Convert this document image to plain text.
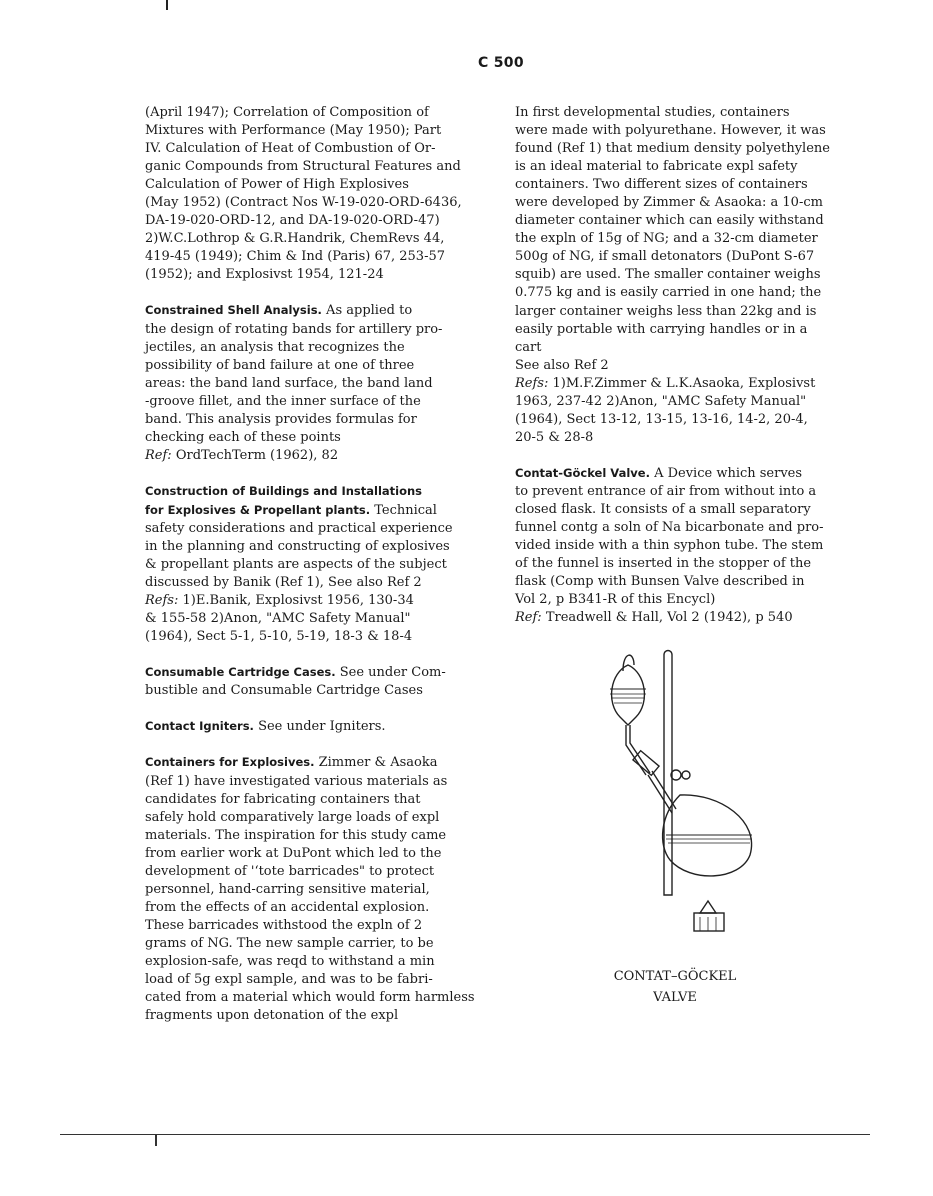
C 500

(April 1947); Correlation of Composition of
Mixtures with Performance (May 1950); Part
IV. Calculation of Heat of Combustion of Or-
ganic Compounds from Structural Features and
Calculation of Power of High Explosives
(May 1952) (Contract Nos W-19-020-ORD-6436,
DA-19-020-ORD-12, and DA-19-020-ORD-47)
2)W.C.Lothrop & G.R.Handrik, ChemRevs 44,
419-45 (1949); Chim & Ind (Paris) 67, 253-57
(1952); and Explosivst 1954, 121-24

Constrained Shell Analysis. As applied to
the design of rotating bands for artillery pro-
jectiles, an analysis that recognizes the
possibility of band failure at one of three
areas: the band land surface, the band land
-groove fillet, and the inner surface of the
band. This analysis provides formulas for
checking each of these points
Ref: OrdTechTerm (1962), 82

Construction of Buildings and Installations
for Explosives & Propellant plants. Technical
safety considerations and practical experience
in the planning and constructing of explosives
& propellant plants are aspects of the subject
discussed by Banik (Ref 1), See also Ref 2
Refs: 1)E.Banik, Explosivst 1956, 130-34
& 155-58 2)Anon, "AMC Safety Manual"
(1964), Sect 5-1, 5-10, 5-19, 18-3 & 18-4

Consumable Cartridge Cases. See under Com-
bustible and Consumable Cartridge Cases

Contact Igniters. See under Igniters.

Containers for Explosives. Zimmer & Asaoka
(Ref 1) have investigated various materials as
candidates for fabricating containers that
safely hold comparatively large loads of expl
materials. The inspiration for this study came
from earlier work at DuPont which led to the
development of '‘tote barricades" to protect
personnel, hand-carring sensitive material,
from the effects of an accidental explosion.
These barricades withstood the expln of 2
grams of NG. The new sample carrier, to be
explosion-safe, was reqd to withstand a min
load of 5g expl sample, and was to be fabri-
cated from a material which would form harmless
fragments upon detonation of the expl

In first developmental studies, containers
were made with polyurethane. However, it was
found (Ref 1) that medium density polyethylene
is an ideal material to fabricate expl safety
containers. Two different sizes of containers
were developed by Zimmer & Asaoka: a 10-cm
diameter container which can easily withstand
the expln of 15g of NG; and a 32-cm diameter
500g of NG, if small detonators (DuPont S-67
squib) are used. The smaller container weighs
0.775 kg and is easily carried in one hand; the
larger container weighs less than 22kg and is
easily portable with carrying handles or in a
cart
See also Ref 2
Refs: 1)M.F.Zimmer & L.K.Asaoka, Explosivst
1963, 237-42 2)Anon, "AMC Safety Manual"
(1964), Sect 13-12, 13-15, 13-16, 14-2, 20-4,
20-5 & 28-8

Contat-Göckel Valve. A Device which serves
to prevent entrance of air from without into a
closed flask. It consists of a small separatory
funnel contg a soln of Na bicarbonate and pro-
vided inside with a thin syphon tube. The stem
of the funnel is inserted in the stopper of the
flask (Comp with Bunsen Valve described in
Vol 2, p B341-R of this Encycl)
Ref: Treadwell & Hall, Vol 2 (1942), p 540

CONTAT–GÖCKEL
VALVE
